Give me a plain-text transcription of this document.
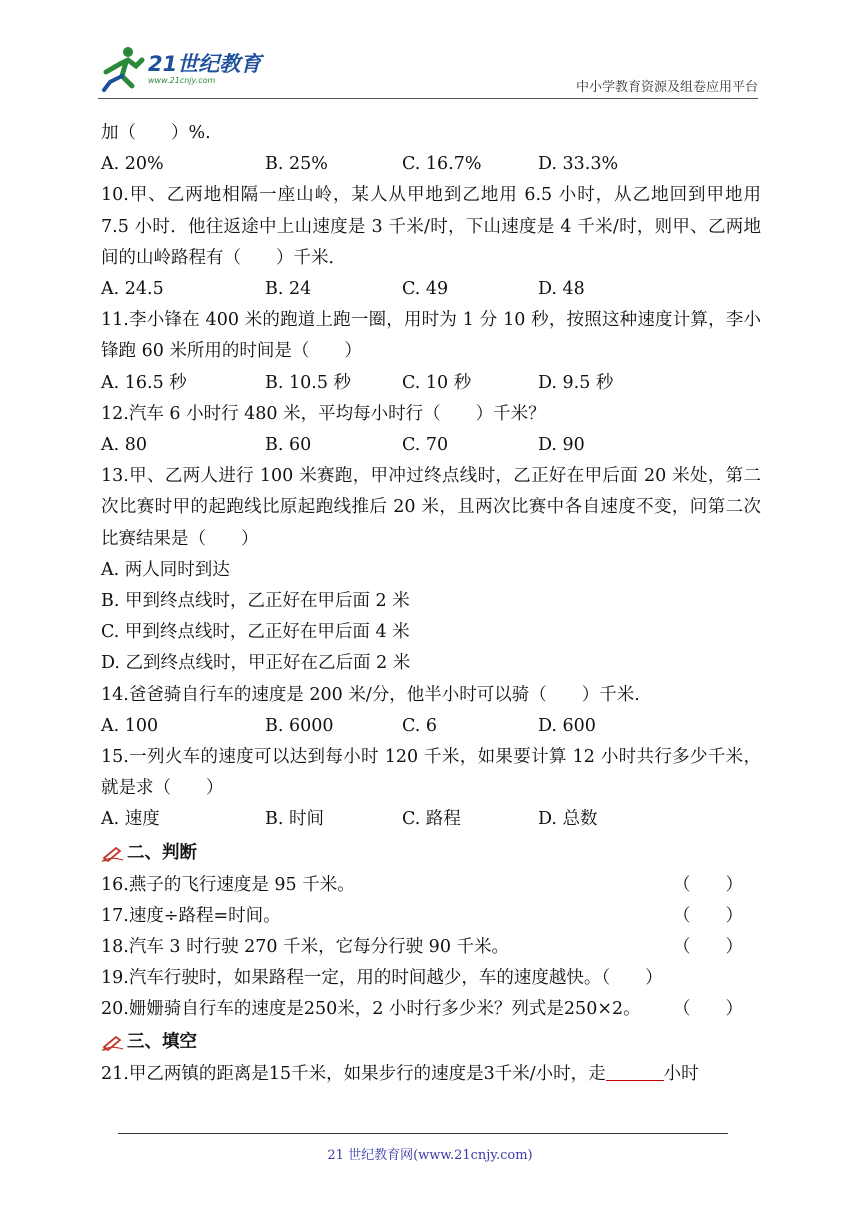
21世纪教育
www.21cnjy.com	中小学教育资源及组卷应用平台
加（　　）%.
A. 20%	B. 25%	C. 16.7%	D. 33.3%
10.甲、乙两地相隔一座山岭，某人从甲地到乙地用 6.5 小时，从乙地回到甲地用 7.5 小时．他往返途中上山速度是 3 千米/时，下山速度是 4 千米/时，则甲、乙两地间的山岭路程有（　　）千米．
A. 24.5	B. 24	C. 49	D. 48
11.李小锋在 400 米的跑道上跑一圈，用时为 1 分 10 秒，按照这种速度计算，李小锋跑 60 米所用的时间是（　　）
A. 16.5 秒	B. 10.5 秒	C. 10 秒	D. 9.5 秒
12.汽车 6 小时行 480 米，平均每小时行（　　）千米？
A. 80	B. 60	C. 70	D. 90
13.甲、乙两人进行 100 米赛跑，甲冲过终点线时，乙正好在甲后面 20 米处，第二次比赛时甲的起跑线比原起跑线推后 20 米，且两次比赛中各自速度不变，问第二次比赛结果是（　　）
A. 两人同时到达
B. 甲到终点线时，乙正好在甲后面 2 米
C. 甲到终点线时，乙正好在甲后面 4 米
D. 乙到终点线时，甲正好在乙后面 2 米
14.爸爸骑自行车的速度是 200 米/分，他半小时可以骑（　　）千米.
A. 100	B. 6000	C. 6	D. 600
15.一列火车的速度可以达到每小时 120 千米，如果要计算 12 小时共行多少千米，就是求（　　）
A. 速度	B. 时间	C. 路程	D. 总数
二、判断
16.燕子的飞行速度是 95 千米。	（　　）
17.速度÷路程=时间。	（　　）
18.汽车 3 时行驶 270 千米，它每分行驶 90 千米。	（　　）
19.汽车行驶时，如果路程一定，用的时间越少，车的速度越快。（　　）
20.姗姗骑自行车的速度是250米，2 小时行多少米？列式是250×2。 （　　）
三、填空
21.甲乙两镇的距离是15千米，如果步行的速度是3千米/小时，走	小时
21 世纪教育网(www.21cnjy.com)
